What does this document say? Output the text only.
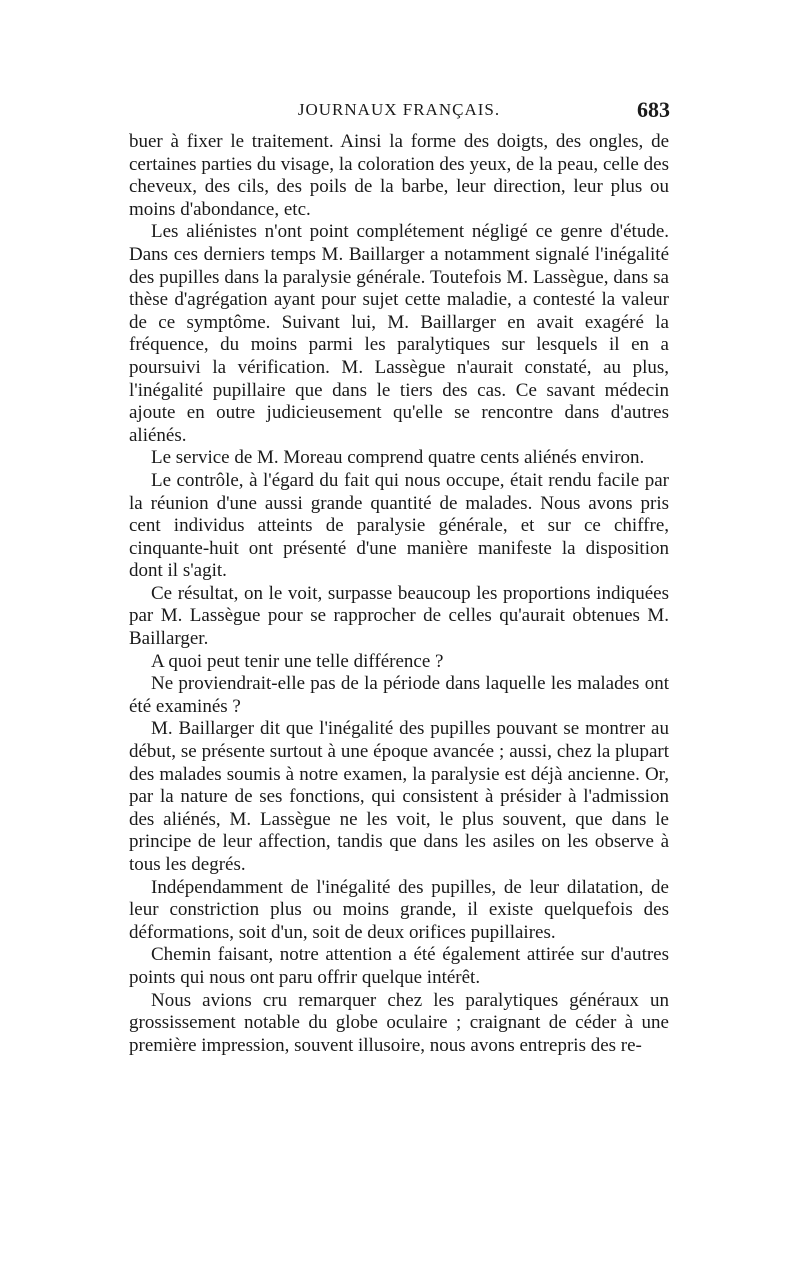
JOURNAUX FRANÇAIS.	683

buer à fixer le traitement. Ainsi la forme des doigts, des ongles, de certaines parties du visage, la coloration des yeux, de la peau, celle des cheveux, des cils, des poils de la barbe, leur direction, leur plus ou moins d'abondance, etc.

Les aliénistes n'ont point complétement négligé ce genre d'étude. Dans ces derniers temps M. Baillarger a notamment signalé l'inégalité des pupilles dans la paralysie générale. Toutefois M. Lassègue, dans sa thèse d'agrégation ayant pour sujet cette maladie, a contesté la valeur de ce symptôme. Suivant lui, M. Baillarger en avait exagéré la fréquence, du moins parmi les paralytiques sur lesquels il en a poursuivi la vérification. M. Lassègue n'aurait constaté, au plus, l'inégalité pupillaire que dans le tiers des cas. Ce savant médecin ajoute en outre judicieusement qu'elle se rencontre dans d'autres aliénés.

Le service de M. Moreau comprend quatre cents aliénés environ.

Le contrôle, à l'égard du fait qui nous occupe, était rendu facile par la réunion d'une aussi grande quantité de malades. Nous avons pris cent individus atteints de paralysie générale, et sur ce chiffre, cinquante-huit ont présenté d'une manière manifeste la disposition dont il s'agit.

Ce résultat, on le voit, surpasse beaucoup les proportions indiquées par M. Lassègue pour se rapprocher de celles qu'aurait obtenues M. Baillarger.

A quoi peut tenir une telle différence ?

Ne proviendrait-elle pas de la période dans laquelle les malades ont été examinés ?

M. Baillarger dit que l'inégalité des pupilles pouvant se montrer au début, se présente surtout à une époque avancée ; aussi, chez la plupart des malades soumis à notre examen, la paralysie est déjà ancienne. Or, par la nature de ses fonctions, qui consistent à présider à l'admission des aliénés, M. Lassègue ne les voit, le plus souvent, que dans le principe de leur affection, tandis que dans les asiles on les observe à tous les degrés.

Indépendamment de l'inégalité des pupilles, de leur dilatation, de leur constriction plus ou moins grande, il existe quelquefois des déformations, soit d'un, soit de deux orifices pupillaires.

Chemin faisant, notre attention a été également attirée sur d'autres points qui nous ont paru offrir quelque intérêt.

Nous avions cru remarquer chez les paralytiques généraux un grossissement notable du globe oculaire ; craignant de céder à une première impression, souvent illusoire, nous avons entrepris des re-
